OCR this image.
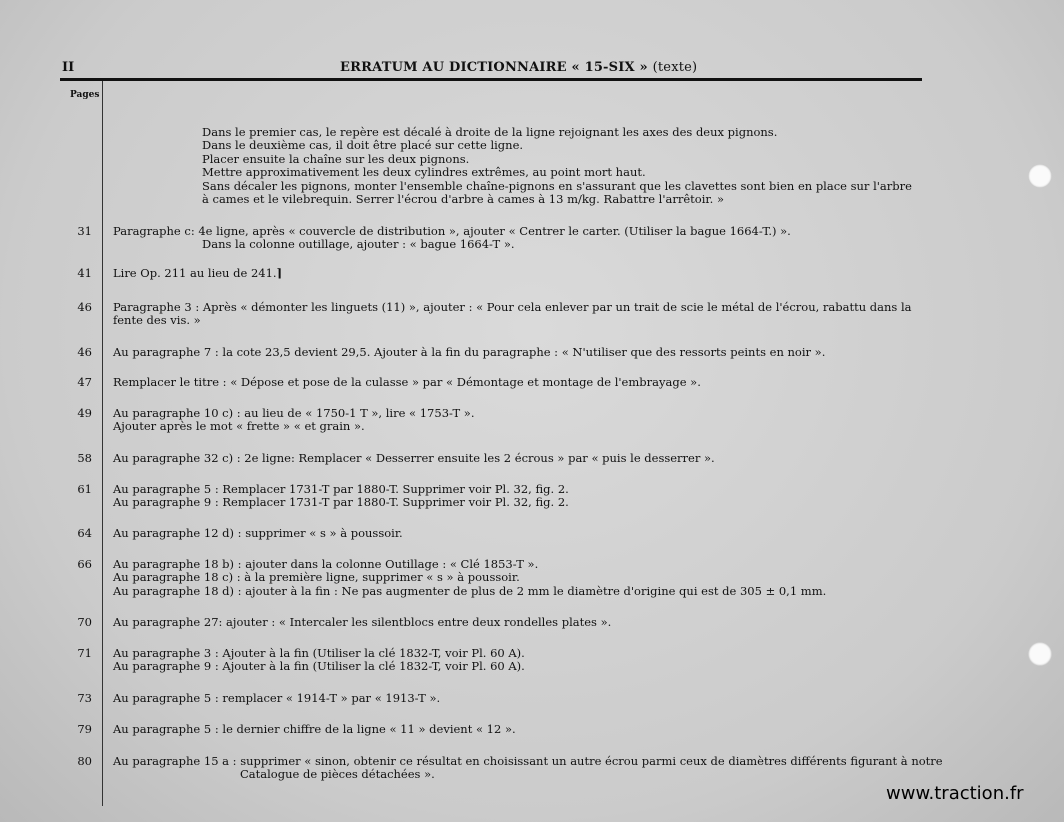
II	ERRATUM AU DICTIONNAIRE « 15-SIX » (texte)
Pages
Dans le premier cas, le repère est décalé à droite de la ligne rejoignant les axes des deux pignons.
Dans le deuxième cas, il doit être placé sur cette ligne.
Placer ensuite la chaîne sur les deux pignons.
Mettre approximativement les deux cylindres extrêmes, au point mort haut.
Sans décaler les pignons, monter l'ensemble chaîne-pignons en s'assurant que les clavettes sont bien en place sur l'arbre
à cames et le vilebrequin. Serrer l'écrou d'arbre à cames à 13 m/kg. Rabattre l'arrêtoir. »
31 Paragraphe c: 4e ligne, après « couvercle de distribution », ajouter « Centrer le carter. (Utiliser la bague 1664-T.) ».
Dans la colonne outillage, ajouter : « bague 1664-T ».
41 Lire Op. 211 au lieu de 241.⌉
46 Paragraphe 3 : Après « démonter les linguets (11) », ajouter : « Pour cela enlever par un trait de scie le métal de l'écrou, rabattu dans la
fente des vis. »
46 Au paragraphe 7 : la cote 23,5 devient 29,5. Ajouter à la fin du paragraphe : « N'utiliser que des ressorts peints en noir ».
47 Remplacer le titre : « Dépose et pose de la culasse » par « Démontage et montage de l'embrayage ».
49 Au paragraphe 10 c) : au lieu de « 1750-1 T », lire « 1753-T ».
Ajouter après le mot « frette » « et grain ».
58 Au paragraphe 32 c) : 2e ligne: Remplacer « Desserrer ensuite les 2 écrous » par « puis le desserrer ».
61 Au paragraphe 5 : Remplacer 1731-T par 1880-T. Supprimer voir Pl. 32, fig. 2.
Au paragraphe 9 : Remplacer 1731-T par 1880-T. Supprimer voir Pl. 32, fig. 2.
64 Au paragraphe 12 d) : supprimer « s » à poussoir.
66 Au paragraphe 18 b) : ajouter dans la colonne Outillage : « Clé 1853-T ».
Au paragraphe 18 c) : à la première ligne, supprimer « s » à poussoir.
Au paragraphe 18 d) : ajouter à la fin : Ne pas augmenter de plus de 2 mm le diamètre d'origine qui est de 305 ± 0,1 mm.
70 Au paragraphe 27: ajouter : « Intercaler les silentblocs entre deux rondelles plates ».
71 Au paragraphe 3 : Ajouter à la fin (Utiliser la clé 1832-T, voir Pl. 60 A).
Au paragraphe 9 : Ajouter à la fin (Utiliser la clé 1832-T, voir Pl. 60 A).
73 Au paragraphe 5 : remplacer « 1914-T » par « 1913-T ».
79 Au paragraphe 5 : le dernier chiffre de la ligne « 11 » devient « 12 ».
80 Au paragraphe 15 a : supprimer « sinon, obtenir ce résultat en choisissant un autre écrou parmi ceux de diamètres différents figurant à notre
Catalogue de pièces détachées ».
www.traction.fr
